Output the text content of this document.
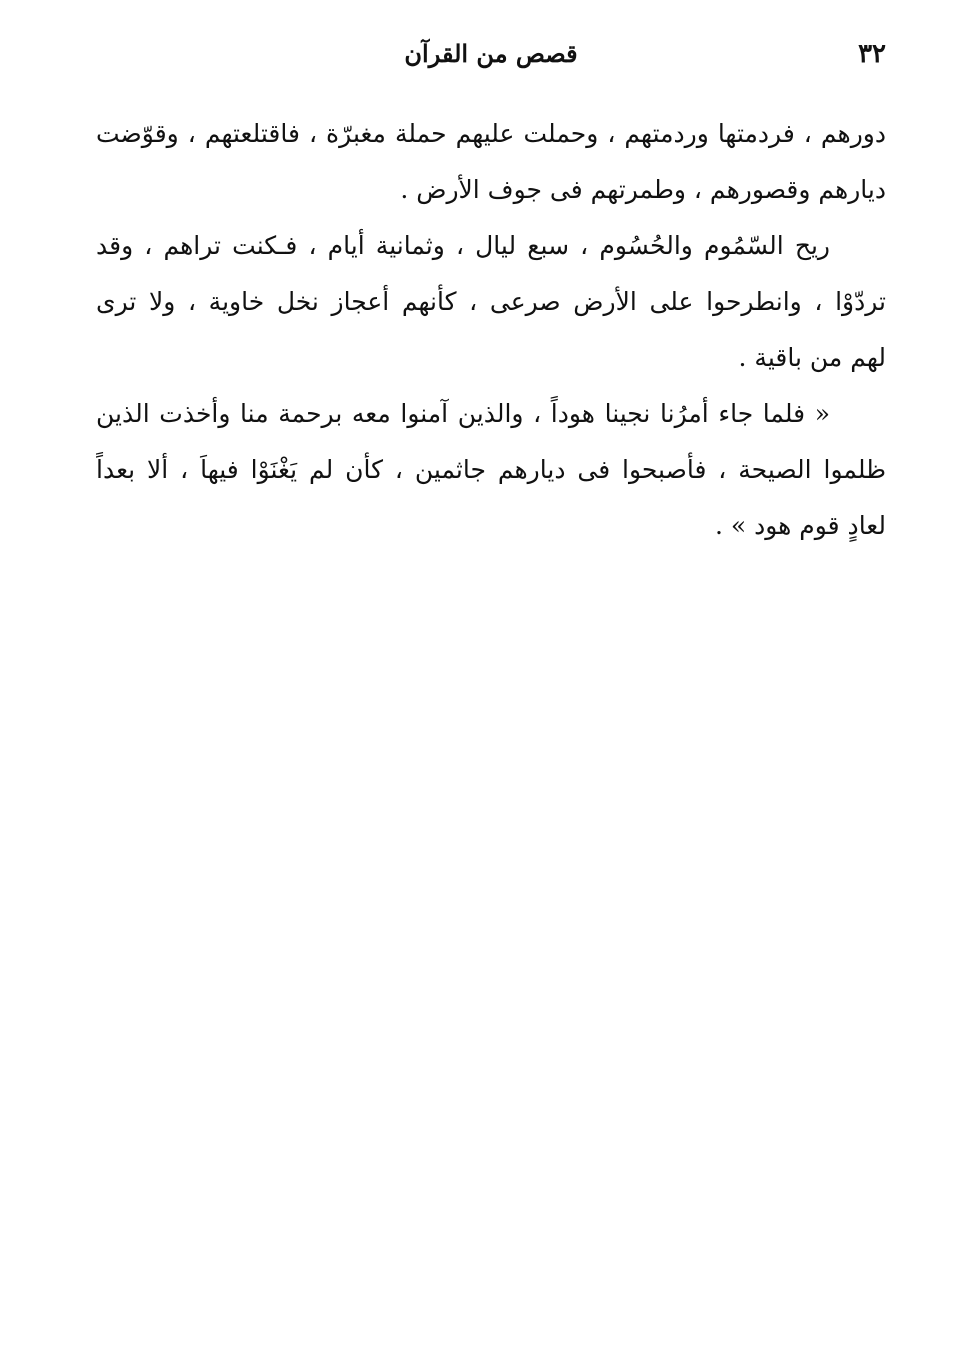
٣٢
قصص من القرآن
دورهم ، فردمتها وردمتهم ، وحملت عليهم حملة مغبرّة ، فاقتلعتهم ، وقوّضت
ديارهم وقصورهم ، وطمرتهم فى جوف الأرض .
ريح السّمُوم والحُسُوم ، سبع ليال ، وثمانية أيام ، فـكنت تراهم ، وقد
تردّوْا ، وانطرحوا على الأرض صرعى ، كأنهم أعجاز نخل خاوية ، ولا ترى
لهم من باقية .
« فلما جاء أمرُنا نجينا هوداً ، والذين آمنوا معه برحمة منا وأخذت الذين
ظلموا الصيحة ، فأصبحوا فى ديارهم جاثمين ، كأن لم يَغْنَوْا فيهاَ ، ألا بعداً
لعادٍ قوم هود » .
